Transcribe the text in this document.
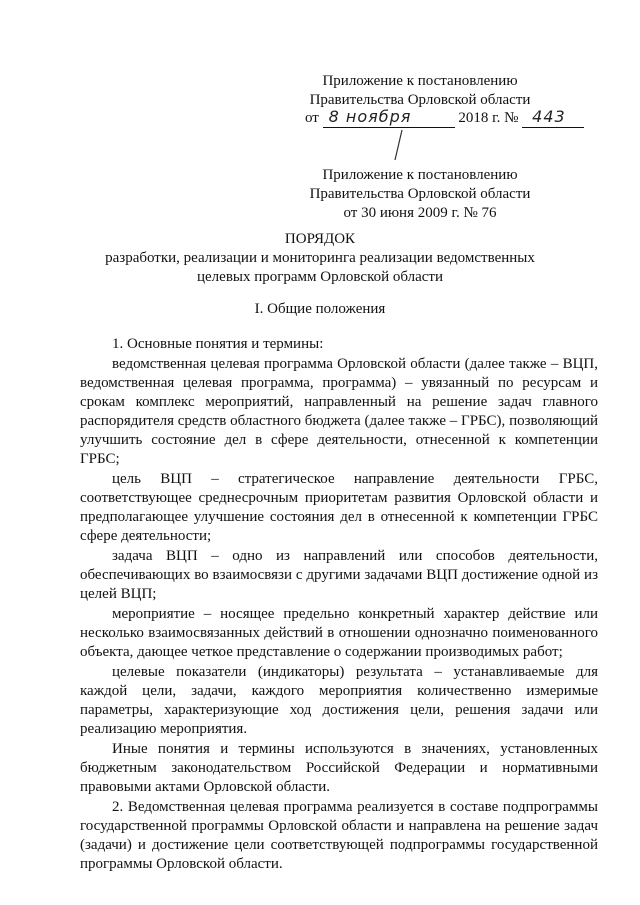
Приложение к постановлению
Правительства Орловской области
от 8 ноября	2018 г. № 443
Приложение к постановлению
Правительства Орловской области
от 30 июня 2009 г. № 76
ПОРЯДОК
разработки, реализации и мониторинга реализации ведомственных целевых программ Орловской области
I. Общие положения

1. Основные понятия и термины:

ведомственная целевая программа Орловской области (далее также – ВЦП, ведомственная целевая программа, программа) – увязанный по ресурсам и срокам комплекс мероприятий, направленный на решение задач главного распорядителя средств областного бюджета (далее также – ГРБС), позволяющий улучшить состояние дел в сфере деятельности, отнесенной к компетенции ГРБС;

цель ВЦП – стратегическое направление деятельности ГРБС, соответствующее среднесрочным приоритетам развития Орловской области и предполагающее улучшение состояния дел в отнесенной к компетенции ГРБС сфере деятельности;

задача ВЦП – одно из направлений или способов деятельности, обеспечивающих во взаимосвязи с другими задачами ВЦП достижение одной из целей ВЦП;

мероприятие – носящее предельно конкретный характер действие или несколько взаимосвязанных действий в отношении однозначно поименованного объекта, дающее четкое представление о содержании производимых работ;

целевые показатели (индикаторы) результата – устанавливаемые для каждой цели, задачи, каждого мероприятия количественно измеримые параметры, характеризующие ход достижения цели, решения задачи или реализацию мероприятия.

Иные понятия и термины используются в значениях, установленных бюджетным законодательством Российской Федерации и нормативными правовыми актами Орловской области.

2. Ведомственная целевая программа реализуется в составе подпрограммы государственной программы Орловской области и направлена на решение задач (задачи) и достижение цели соответствующей подпрограммы государственной программы Орловской области.
